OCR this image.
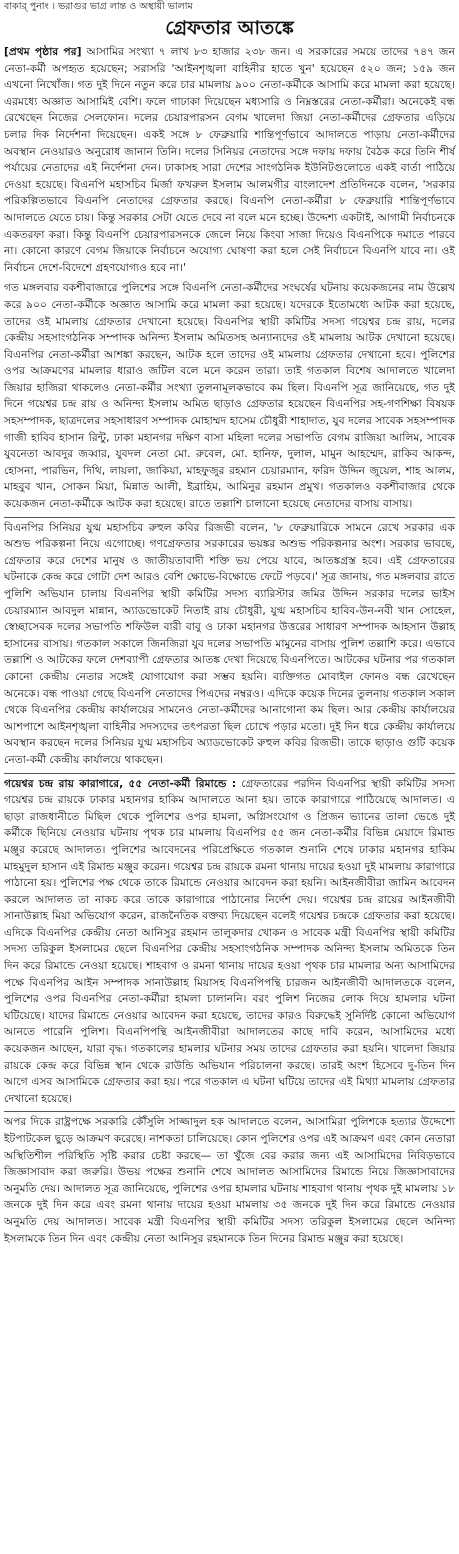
বাকার্‌ পুনাং । ভরাগুর ভাগ্র লান্ত ও অস্থায়ী ভালাম
গ্রেফতার আতঙ্কে

[প্রথম পৃষ্ঠার পর] আসামির সংখ্যা ৭ লাখ ৮৩ হাজার ২৩৮ জন। এ সরকারের সময়ে তাদের ৭৪৭ জন নেতা-কর্মী অপহৃত হয়েছেন; সরাসরি 'আইনশৃঙ্খলা বাহিনীর হাতে খুন' হয়েছেন ৫২০ জন; ১৫৯ জন এখনো নিখোঁজ। গত দুই দিনে নতুন করে চার মামলায় ৯০০ নেতা-কর্মীকে আসামি করে মামলা করা হয়েছে। এরমধ্যে অজ্ঞাত আসামিই বেশি। ফলে গাঢাকা দিয়েছেন মধ্যসারি ও নিম্নস্তরের নেতা-কর্মীরা। অনেকেই বন্ধ রেখেছেন নিজের সেলফোন। দলের চেয়ারপারসন বেগম খালেদা জিয়া নেতা-কর্মীদের গ্রেফতার এড়িয়ে চলার দিক নির্দেশনা দিয়েছেন। একই সঙ্গে ৮ ফেব্রুয়ারি শান্তিপূর্ণভাবে আদালতে পাড়ায় নেতা-কর্মীদের অবস্থান নেওয়ারও অনুরোধ জানান তিনি। দলের সিনিয়র নেতাদের সঙ্গে দফায় দফায় বৈঠক করে তিনি শীর্ষ পর্যায়ের নেতাদের এই নির্দেশনা দেন। ঢাকাসহ সারা দেশের সাংগঠনিক ইউনিটগুলোতে একই বার্তা পাঠিয়ে দেওয়া হয়েছে। বিএনপি মহাসচিব মির্জা ফখরুল ইসলাম আলমগীর বাংলাদেশ প্রতিদিনকে বলেন, 'সরকার পরিকল্পিতভাবে বিএনপি নেতাদের গ্রেফতার করছে। বিএনপি নেতা-কর্মীরা ৮ ফেব্রুয়ারি শান্তিপূর্ণভাবে আদালতে যেতে চায়। কিন্তু সরকার সেটা যেতে দেবে না বলে মনে হচ্ছে। উদ্দেশ্য একটাই, আগামী নির্বাচনকে একতরফা করা। কিন্তু বিএনপি চেয়ারপারসনকে জেলে নিয়ে কিংবা সাজা দিয়েও বিএনপিকে দমাতে পারবে না। কোনো কারণে বেগম জিয়াকে নির্বাচনে অযোগ্য ঘোষণা করা হলে সেই নির্বাচনে বিএনপি যাবে না। ওই নির্বাচন দেশে-বিদেশে গ্রহণযোগ্যও হবে না।'

গত মঙ্গলবার বকশীবাজারে পুলিশের সঙ্গে বিএনপি নেতা-কর্মীদের সংঘর্ষের ঘটনায় কয়েকজনের নাম উল্লেখ করে ৯০০ নেতা-কর্মীকে অজ্ঞাত আসামি করে মামলা করা হয়েছে। যদেরকে ইতোমধ্যে আটক করা হয়েছে, তাদের ওই মামলায় গ্রেফতার দেখানো হয়েছে। বিএনপির স্থায়ী কমিটির সদস্য গয়েশ্বর চন্দ্র রায়, দলের কেন্দ্রীয় সহসাংগঠনিক সম্পাদক অনিন্দ্য ইসলাম অমিতসহ অন্যান্যদের ওই মামলায় আটক দেখানো হয়েছে। বিএনপির নেতা-কর্মীরা আশঙ্কা করছেন, আটক হলে তাদের ওই মামলায় গ্রেফতার দেখানো হবে। পুলিশের ওপর আক্রমণের মামলার ধারাও জটিল বলে মনে করেন তারা। তাই গতকাল বিশেষ আদালতে খালেদা জিয়ার হাজিরা থাকলেও নেতা-কর্মীর সংখ্যা তুলনামূলকভাবে কম ছিল। বিএনপি সূত্র জানিয়েছে, গত দুই দিনে গয়েশ্বর চন্দ্র রায় ও অনিন্দ্য ইসলাম অমিত ছাড়াও গ্রেফতার হয়েছেন বিএনপির সহ-গণশিক্ষা বিষয়ক সহসম্পাদক, ছাত্রদলের সহসাধারণ সম্পাদক মোহাম্মদ হাসেম চৌধুরী শাহাদাত, যুব দলের সাবেক সহসম্পাদক গাজী হাবিব হাসান রিন্টু, ঢাকা মহানগর দক্ষিণ বাসা মহিলা দলের সভাপতি বেগম রাজিয়া আলিম, সাবেক যুবনেতা আবদুর জব্বার, যুবদল নেতা মো. রুবেল, মো. হানিফ, দুলাল, মামুন আহম্মেদ, রাকিব আকন্দ, হোসনা, পারভিন, দিথি, লায়লা, জাকিয়া, মাহফুজুর রহমান চেয়ারম্যান, ফরিদ উদ্দিন জুয়েল, শাহ আলম, মাহবুব খান, সোকন মিয়া, মিন্নাত আলী, ইব্রাহিম, আমিনুর রহমান প্রমুখ। গতকালও বকশীবাজার থেকে কয়েকজন নেতা-কর্মীকে আটক করা হয়েছে। রাতে তল্লাশি চালানো হয়েছে নেতাদের বাসায় বাসায়।

বিএনপির সিনিয়র যুগ্ম মহাসচিব রুহুল কবির রিজভী বলেন, '৮ ফেব্রুয়ারিকে সামনে রেখে সরকার এক অশুভ পরিকল্পনা নিয়ে এগোচ্ছে। গণগ্রেফতার সরকারের ভয়ঙ্কর অশুভ পরিকল্পনার অংশ। সরকার ভাবছে, গ্রেফতার করে দেশের মানুষ ও জাতীয়তাবাদী শক্তি ভয় পেয়ে যাবে, আতঙ্কগ্রস্ত হবে। এই গ্রেফতারের ঘটনাকে কেন্দ্র করে গোটা দেশ আরও বেশি ক্ষোভে-বিক্ষোভে ফেটে পড়বে।' সূত্র জানায়, গত মঙ্গলবার রাতে পুলিশি অভিযান চালায় বিএনপির স্থায়ী কমিটির সদস্য ব্যারিস্টার জমির উদ্দিন সরকার দলের ভাইস চেয়ারম্যান আবদুল মান্নান, অ্যাডভোকেট নিতাই রায় চৌধুরী, যুগ্ম মহাসচিব হাবিব-উন-নবী খান সোহেল, স্বেচ্ছাসেবক দলের সভাপতি শফিউল বারী বাবু ও ঢাকা মহানগর উত্তরের সাধারণ সম্পাদক আহসান উল্লাহ হাসানের বাসায়। গতকাল সকালে জিনজিরা যুব দলের সভাপতি মামুনের বাসায় পুলিশ তল্লাশি করে। এভাবে তল্লাশি ও আটকের ফলে দেশব্যাপী গ্রেফতার আতঙ্ক দেখা দিয়েছে বিএনপিতে। আটকের ঘটনার পর গতকাল কোনো কেন্দ্রীয় নেতার সঙ্গেই যোগাযোগ করা সম্ভব হয়নি। ব্যক্তিগত মোবাইল ফোনও বন্ধ রেখেছেন অনেকে। বন্ধ পাওয়া গেছে বিএনপি নেতাদের পিএদের নম্বরও। এদিকে কয়েক দিনের তুলনায় গতকাল সকাল থেকে বিএনপির কেন্দ্রীয় কার্যালয়ের সামনেও নেতা-কর্মীদের আনাগোনা কম ছিল। আর কেন্দ্রীয় কার্যালয়ের আশপাশে আইনশৃঙ্খলা বাহিনীর সদস্যদের তৎপরতা ছিল চোখে পড়ার মতো। দুই দিন ধরে কেন্দ্রীয় কার্যালয়ে অবস্থান করছেন দলের সিনিয়র যুগ্ম মহাসচিব অ্যাডভোকেট রুহুল কবির রিজভী। তাকে ছাড়াও গুটি কয়েক নেতা-কর্মী কেন্দ্রীয় কার্যালয়ে থাকছেন।

গয়েশ্বর চন্দ্র রায় কারাগারে, ৫৫ নেতা-কর্মী রিমান্ডে : গ্রেফতারের পরদিন বিএনপির স্থায়ী কমিটির সদস্য গয়েশ্বর চন্দ্র রায়কে ঢাকার মহানগর হাকিম আদালতে আনা হয়। তাকে কারাগারে পাঠিয়েছে আদালত। এ ছাড়া রাজধানীতে মিছিল থেকে পুলিশের ওপর হামলা, অগ্নিসংযোগ ও প্রিজন ভ্যানের তালা ভেঙে দুই কর্মীকে ছিনিয়ে নেওয়ার ঘটনায় পৃথক চার মামলায় বিএনপির ৫৫ জন নেতা-কর্মীর বিভিন্ন মেয়াদে রিমান্ড মঞ্জুর করেছে আদালত। পুলিশের আবেদনের পরিপ্রেক্ষিতে গতকাল শুনানি শেষে ঢাকার মহানগর হাকিম মাহমুদুল হাসান এই রিমান্ড মঞ্জুর করেন। গয়েশ্বর চন্দ্র রায়কে রমনা থানায় দায়ের হওয়া দুই মামলায় কারাগারে পাঠানো হয়। পুলিশের পক্ষ থেকে তাকে রিমান্ডে নেওয়ার আবেদন করা হয়নি। আইনজীবীরা জামিন আবেদন করলে আদালত তা নাকচ করে তাকে কারাগারে পাঠানোর নির্দেশ দেয়। গয়েশ্বর চন্দ্র রায়ের আইনজীবী সানাউল্লাহ মিয়া অভিযোগ করেন, রাজনৈতিক বক্তব্য দিয়েছেন বলেই গয়েশ্বর চন্দ্রকে গ্রেফতার করা হয়েছে। এদিকে বিএনপির কেন্দ্রীয় নেতা আনিসুর রহমান তালুকদার খোকন ও সাবেক মন্ত্রী বিএনপির স্থায়ী কমিটির সদস্য তরিকুল ইসলামের ছেলে বিএনপির কেন্দ্রীয় সহসাংগঠনিক সম্পাদক অনিন্দ্য ইসলাম অমিতকে তিন দিন করে রিমান্ডে নেওয়া হয়েছে। শাহবাগ ও রমনা থানায় দায়ের হওয়া পৃথক চার মামলার অন্য আসামিদের পক্ষে বিএনপির আইন সম্পাদক সানাউল্লাহ মিয়াসহ বিএনপিপন্থি চারজন আইনজীবী আদালতকে বলেন, পুলিশের ওপর বিএনপির নেতা-কর্মীরা হামলা চালাননি। বরং পুলিশ নিজের লোক দিয়ে হামলার ঘটনা ঘটিয়েছে। যাদের রিমান্ডে নেওয়ার আবেদন করা হয়েছে, তাদের কারও বিরুদ্ধেই সুনির্দিষ্ট কোনো অভিযোগ আনতে পারেনি পুলিশ। বিএনপিপন্থি আইনজীবীরা আদালতের কাছে দাবি করেন, আসামিদের মধ্যে কয়েকজন আছেন, যারা বৃদ্ধ। গতকালের হামলার ঘটনার সময় তাদের গ্রেফতার করা হয়নি। খালেদা জিয়ার রায়কে কেন্দ্র করে বিভিন্ন স্থান থেকে রাউন্ডি অভিযান পরিচালনা করছে। তারই অংশ হিসেবে দু-তিন দিন আগে এসব আসামিকে গ্রেফতার করা হয়। পরে গতকাল এ ঘটনা ঘটিয়ে তাদের এই মিথ্যা মামলায় গ্রেফতার দেখানো হয়েছে।

অপর দিকে রাষ্ট্রপক্ষে সরকারি কৌঁসুলি সাজ্জাদুল হক আদালতে বলেন, আসামিরা পুলিশকে হত্যার উদ্দেশ্যে ইটপাটকেল ছুড়ে আক্রমণ করেছে। নাশকতা চালিয়েছে। কোন পুলিশের ওপর এই আক্রমণ এবং কোন নেতারা অস্থিতিশীল পরিস্থিতি সৃষ্টি করার চেষ্টা করছে— তা খুঁজে বের করার জন্য এই আসামিদের নিবিড়ভাবে জিজ্ঞাসাবাদ করা জরুরি। উভয় পক্ষের শুনানি শেষে আদালত আসামিদের রিমান্ডে নিয়ে জিজ্ঞাসাবাদের অনুমতি দেয়। আদালত সূত্র জানিয়েছে, পুলিশের ওপর হামলার ঘটনায় শাহবাগ থানায় পৃথক দুই মামলায় ১৮ জনকে দুই দিন করে এবং রমনা থানায় দায়ের হওয়া মামলায় ৩৫ জনকে দুই দিন করে রিমান্ডে নেওয়ার অনুমতি দেয় আদালত। সাবেক মন্ত্রী বিএনপির স্থায়ী কমিটির সদস্য তরিকুল ইসলামের ছেলে অনিন্দ্য ইসলামকে তিন দিন এবং কেন্দ্রীয় নেতা আনিসুর রহমানকে তিন দিনের রিমান্ড মঞ্জুর করা হয়েছে।
